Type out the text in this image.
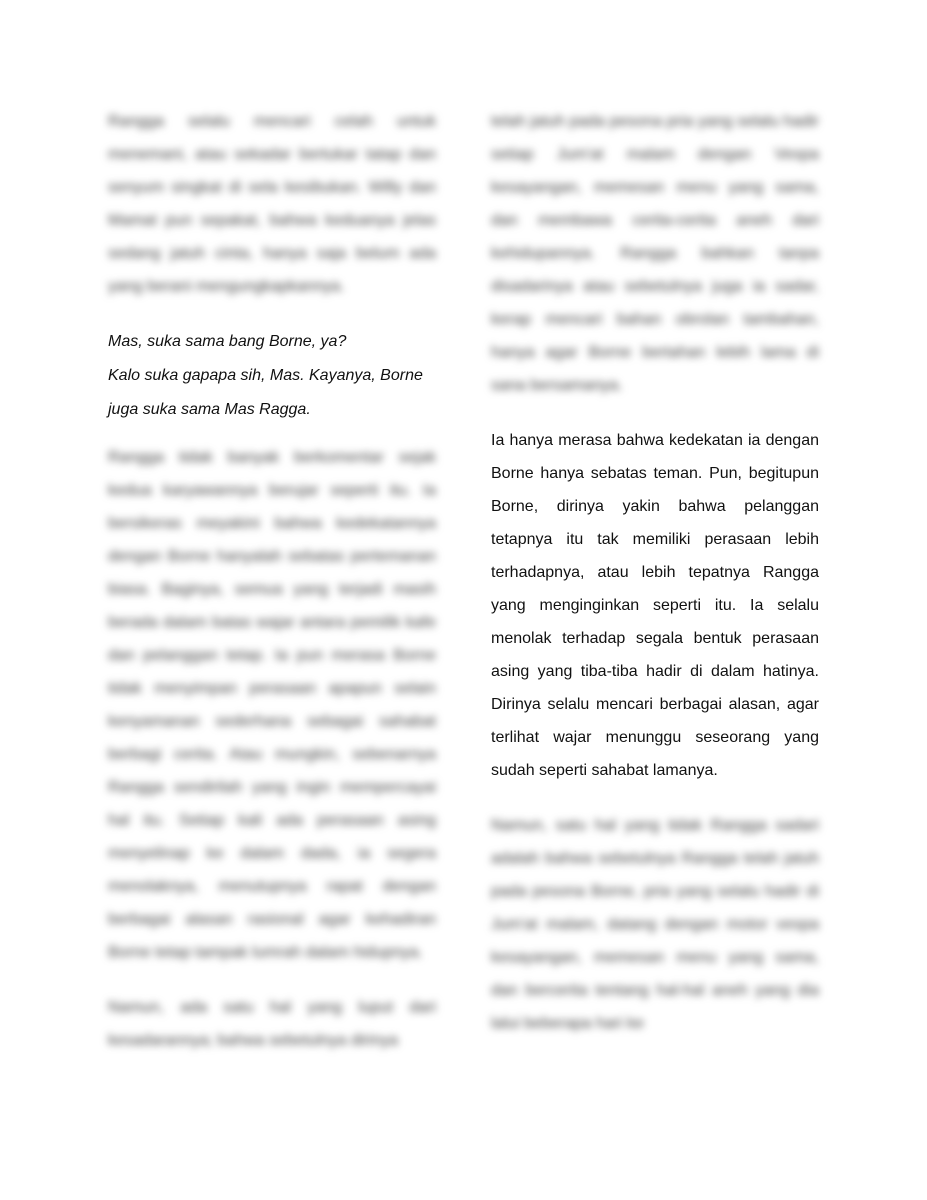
Rangga selalu mencari celah untuk menemani, atau sekadar bertukar tatap dan senyum singkat di sela kesibukan. Willy dan Mamat pun sepakat, bahwa keduanya jelas sedang jatuh cinta, hanya saja belum ada yang berani mengungkapkannya.

Mas, suka sama bang Borne, ya?
Kalo suka gapapa sih, Mas. Kayanya, Borne
juga suka sama Mas Ragga.

Rangga tidak banyak berkomentar sejak kedua karyawannya berujar seperti itu. Ia bersikeras meyakini bahwa kedekatannya dengan Borne hanyalah sebatas pertemanan biasa. Baginya, semua yang terjadi masih berada dalam batas wajar antara pemilik kafe dan pelanggan tetap. Ia pun merasa Borne tidak menyimpan perasaan apapun selain kenyamanan sederhana sebagai sahabat berbagi cerita. Atau mungkin, sebenarnya Rangga sendirilah yang ingin mempercayai hal itu. Setiap kali ada perasaan asing menyelinap ke dalam dada, ia segera menolaknya, menutupnya rapat dengan berbagai alasan rasional agar kehadiran Borne tetap tampak lumrah dalam hidupnya.

Namun, ada satu hal yang luput dari kesadarannya; bahwa sebetulnya dirinya

telah jatuh pada pesona pria yang selalu hadir setiap Jum'at malam dengan Vespa kesayangan, memesan menu yang sama, dan membawa cerita-cerita aneh dari kehidupannya. Rangga bahkan tanpa disadarinya atau sebetulnya juga ia sadar, kerap mencari bahan obrolan tambahan, hanya agar Borne bertahan lebih lama di sana bersamanya.

Ia hanya merasa bahwa kedekatan ia dengan Borne hanya sebatas teman. Pun, begitupun Borne, dirinya yakin bahwa pelanggan tetapnya itu tak memiliki perasaan lebih terhadapnya, atau lebih tepatnya Rangga yang menginginkan seperti itu. Ia selalu menolak terhadap segala bentuk perasaan asing yang tiba-tiba hadir di dalam hatinya. Dirinya selalu mencari berbagai alasan, agar terlihat wajar menunggu seseorang yang sudah seperti sahabat lamanya.

Namun, satu hal yang tidak Rangga sadari adalah bahwa sebetulnya Rangga telah jatuh pada pesona Borne, pria yang selalu hadir di Jum'at malam, datang dengan motor vespa kesayangan, memesan menu yang sama, dan bercerita tentang hal-hal aneh yang dia lalui beberapa hari ke
